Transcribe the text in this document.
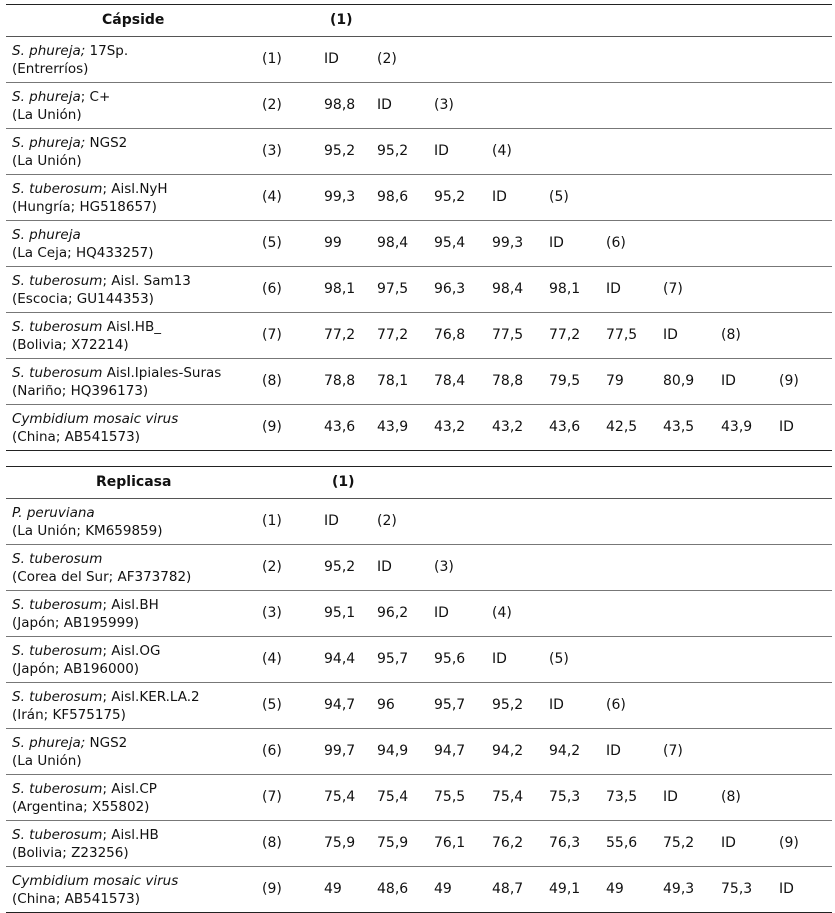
Cápside	(1)
S. phureja; 17Sp.
(Entrerríos)
(1)	ID	(2)
S. phureja; C+
(La Unión)
(2)	98,8 ID	(3)
S. phureja; NGS2
(La Unión)
(3)	95,2 95,2 ID	(4)
S. tuberosum; Aisl.NyH
(Hungría; HG518657)
(4)	99,3 98,6 95,2 ID	(5)
S. phureja
(La Ceja; HQ433257)
(5)	99	98,4 95,4 99,3 ID	(6)
S. tuberosum; Aisl. Sam13
(Escocia; GU144353)
(6)	98,1 97,5 96,3 98,4 98,1 ID	(7)
S. tuberosum Aisl.HB_
(Bolivia; X72214)
(7)	77,2 77,2 76,8 77,5 77,2 77,5 ID	(8)
S. tuberosum Aisl.Ipiales-Suras
(Nariño; HQ396173)
(8)	78,8 78,1 78,4 78,8 79,5 79	80,9 ID	(9)
Cymbidium mosaic virus
(China; AB541573)
(9)	43,6 43,9 43,2 43,2 43,6 42,5 43,5 43,9 ID
Replicasa	(1)
P. peruviana
(La Unión; KM659859)
(1)	ID	(2)
S. tuberosum
(Corea del Sur; AF373782)
(2)	95,2 ID	(3)
S. tuberosum; Aisl.BH
(Japón; AB195999)
(3)	95,1 96,2 ID	(4)
S. tuberosum; Aisl.OG
(Japón; AB196000)
(4)	94,4 95,7 95,6 ID	(5)
S. tuberosum; Aisl.KER.LA.2
(Irán; KF575175)
(5)	94,7 96	95,7 95,2 ID	(6)
S. phureja; NGS2
(La Unión)
(6)	99,7 94,9 94,7 94,2 94,2 ID	(7)
S. tuberosum; Aisl.CP
(Argentina; X55802)
(7)	75,4 75,4 75,5 75,4 75,3 73,5 ID	(8)
S. tuberosum; Aisl.HB
(Bolivia; Z23256)
(8)	75,9 75,9 76,1 76,2 76,3 55,6 75,2 ID	(9)
Cymbidium mosaic virus
(China; AB541573)
(9)	49	48,6 49	48,7 49,1 49	49,3 75,3 ID
